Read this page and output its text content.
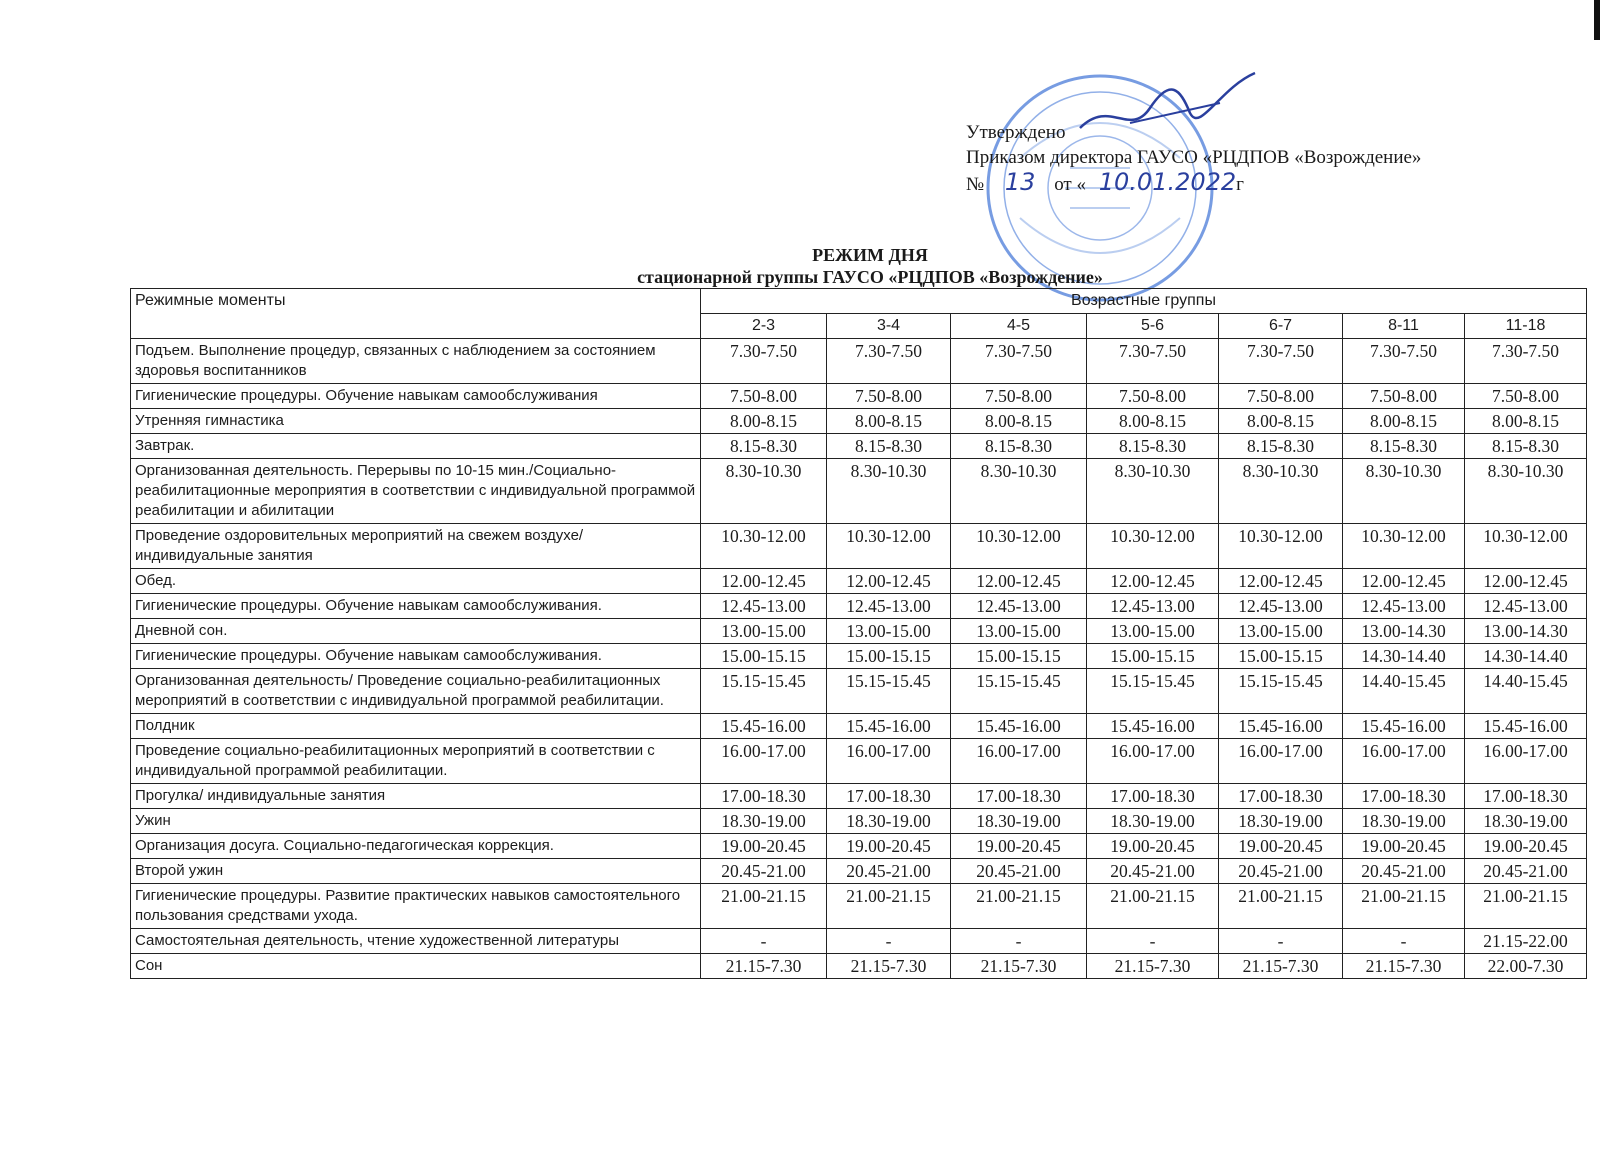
Утверждено
Приказом директора ГАУСО «РЦДПОВ «Возрождение»
№ 13 от « 10.01.2022г
РЕЖИМ ДНЯ
стационарной группы ГАУСО «РЦДПОВ «Возрождение»
Режимные моменты	Возрастные группы						
	2-3	3-4	4-5	5-6	6-7	8-11	11-18
Подъем. Выполнение процедур, связанных с наблюдением за состоянием здоровья воспитанников	7.30-7.50	7.30-7.50	7.30-7.50	7.30-7.50	7.30-7.50	7.30-7.50	7.30-7.50
Гигиенические процедуры. Обучение навыкам самообслуживания	7.50-8.00	7.50-8.00	7.50-8.00	7.50-8.00	7.50-8.00	7.50-8.00	7.50-8.00
Утренняя гимнастика	8.00-8.15	8.00-8.15	8.00-8.15	8.00-8.15	8.00-8.15	8.00-8.15	8.00-8.15
Завтрак.	8.15-8.30	8.15-8.30	8.15-8.30	8.15-8.30	8.15-8.30	8.15-8.30	8.15-8.30
Организованная деятельность. Перерывы по 10-15 мин./Социально-реабилитационные мероприятия в соответствии с индивидуальной программой реабилитации и абилитации	8.30-10.30	8.30-10.30	8.30-10.30	8.30-10.30	8.30-10.30	8.30-10.30	8.30-10.30
Проведение оздоровительных мероприятий на свежем воздухе/ индивидуальные занятия	10.30-12.00	10.30-12.00	10.30-12.00	10.30-12.00	10.30-12.00	10.30-12.00	10.30-12.00
Обед.	12.00-12.45	12.00-12.45	12.00-12.45	12.00-12.45	12.00-12.45	12.00-12.45	12.00-12.45
Гигиенические процедуры. Обучение навыкам самообслуживания.	12.45-13.00	12.45-13.00	12.45-13.00	12.45-13.00	12.45-13.00	12.45-13.00	12.45-13.00
Дневной сон.	13.00-15.00	13.00-15.00	13.00-15.00	13.00-15.00	13.00-15.00	13.00-14.30	13.00-14.30
Гигиенические процедуры. Обучение навыкам самообслуживания.	15.00-15.15	15.00-15.15	15.00-15.15	15.00-15.15	15.00-15.15	14.30-14.40	14.30-14.40
Организованная деятельность/ Проведение социально-реабилитационных мероприятий в соответствии с индивидуальной программой реабилитации.	15.15-15.45	15.15-15.45	15.15-15.45	15.15-15.45	15.15-15.45	14.40-15.45	14.40-15.45
Полдник	15.45-16.00	15.45-16.00	15.45-16.00	15.45-16.00	15.45-16.00	15.45-16.00	15.45-16.00
Проведение социально-реабилитационных мероприятий в соответствии с индивидуальной программой реабилитации.	16.00-17.00	16.00-17.00	16.00-17.00	16.00-17.00	16.00-17.00	16.00-17.00	16.00-17.00
Прогулка/ индивидуальные занятия	17.00-18.30	17.00-18.30	17.00-18.30	17.00-18.30	17.00-18.30	17.00-18.30	17.00-18.30
Ужин	18.30-19.00	18.30-19.00	18.30-19.00	18.30-19.00	18.30-19.00	18.30-19.00	18.30-19.00
Организация досуга. Социально-педагогическая коррекция.	19.00-20.45	19.00-20.45	19.00-20.45	19.00-20.45	19.00-20.45	19.00-20.45	19.00-20.45
Второй ужин	20.45-21.00	20.45-21.00	20.45-21.00	20.45-21.00	20.45-21.00	20.45-21.00	20.45-21.00
Гигиенические процедуры. Развитие практических навыков самостоятельного пользования средствами ухода.	21.00-21.15	21.00-21.15	21.00-21.15	21.00-21.15	21.00-21.15	21.00-21.15	21.00-21.15
Самостоятельная деятельность, чтение художественной литературы	-	-	-	-	-	-	21.15-22.00
Сон	21.15-7.30	21.15-7.30	21.15-7.30	21.15-7.30	21.15-7.30	21.15-7.30	22.00-7.30
